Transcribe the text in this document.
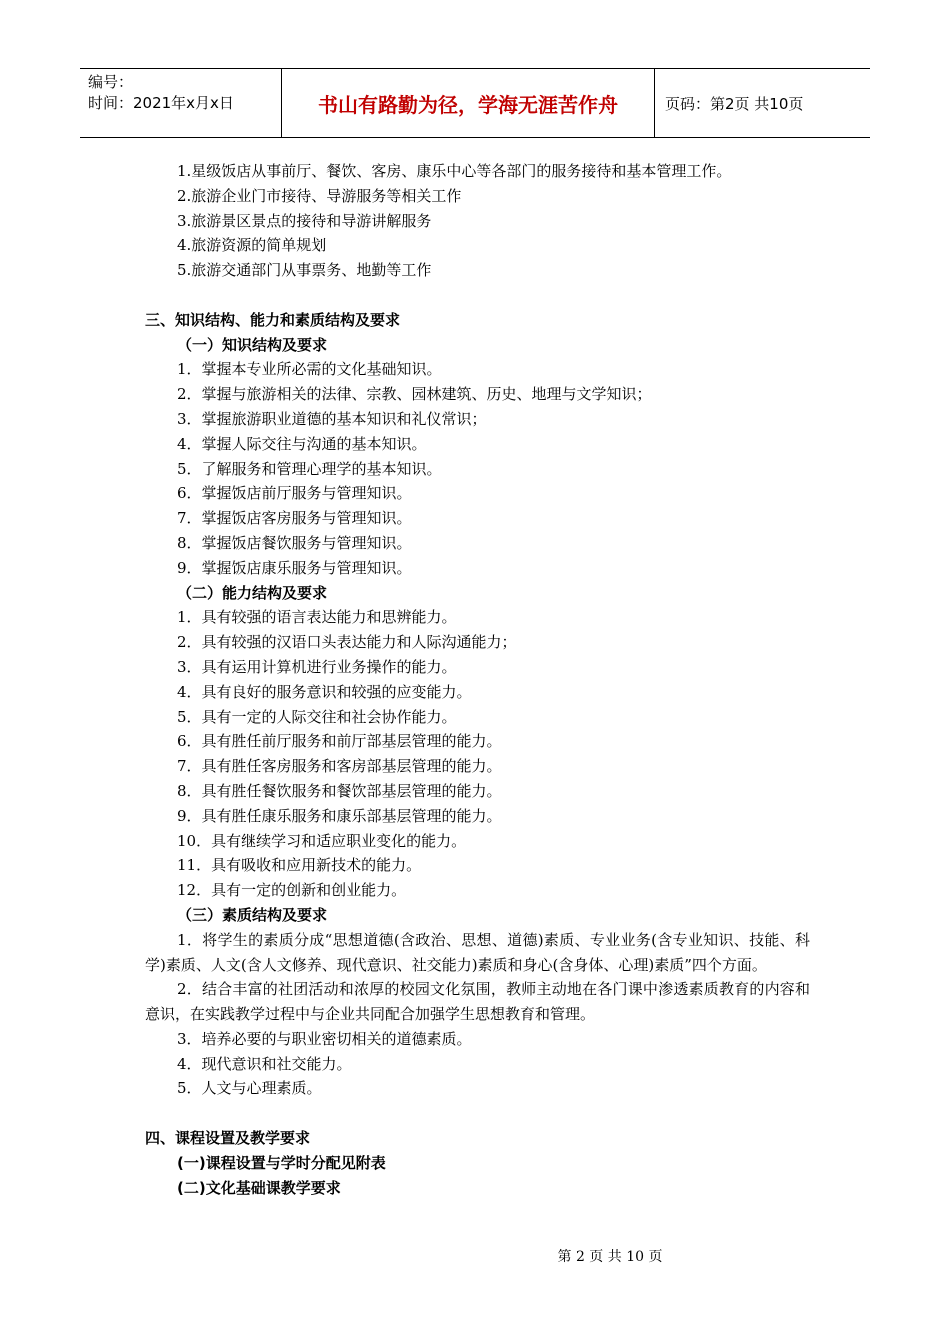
编号：
时间：2021年x月x日	书山有路勤为径，学海无涯苦作舟	页码：第2页 共10页
1.星级饭店从事前厅、餐饮、客房、康乐中心等各部门的服务接待和基本管理工作。
2.旅游企业门市接待、导游服务等相关工作
3.旅游景区景点的接待和导游讲解服务
4.旅游资源的简单规划
5.旅游交通部门从事票务、地勤等工作
三、知识结构、能力和素质结构及要求
（一）知识结构及要求
1．掌握本专业所必需的文化基础知识。
2．掌握与旅游相关的法律、宗教、园林建筑、历史、地理与文学知识；
3．掌握旅游职业道德的基本知识和礼仪常识；
4．掌握人际交往与沟通的基本知识。
5．了解服务和管理心理学的基本知识。
6．掌握饭店前厅服务与管理知识。
7．掌握饭店客房服务与管理知识。
8．掌握饭店餐饮服务与管理知识。
9．掌握饭店康乐服务与管理知识。
（二）能力结构及要求
1．具有较强的语言表达能力和思辨能力。
2．具有较强的汉语口头表达能力和人际沟通能力；
3．具有运用计算机进行业务操作的能力。
4．具有良好的服务意识和较强的应变能力。
5．具有一定的人际交往和社会协作能力。
6．具有胜任前厅服务和前厅部基层管理的能力。
7．具有胜任客房服务和客房部基层管理的能力。
8．具有胜任餐饮服务和餐饮部基层管理的能力。
9．具有胜任康乐服务和康乐部基层管理的能力。
10．具有继续学习和适应职业变化的能力。
11．具有吸收和应用新技术的能力。
12．具有一定的创新和创业能力。
（三）素质结构及要求
1．将学生的素质分成“思想道德(含政治、思想、道德)素质、专业业务(含专业知识、技能、科学)素质、人文(含人文修养、现代意识、社交能力)素质和身心(含身体、心理)素质”四个方面。
2．结合丰富的社团活动和浓厚的校园文化氛围，教师主动地在各门课中渗透素质教育的内容和意识，在实践教学过程中与企业共同配合加强学生思想教育和管理。
3．培养必要的与职业密切相关的道德素质。
4．现代意识和社交能力。
5．人文与心理素质。
四、课程设置及教学要求
(一)课程设置与学时分配见附表
(二)文化基础课教学要求
第 2 页 共 10 页
